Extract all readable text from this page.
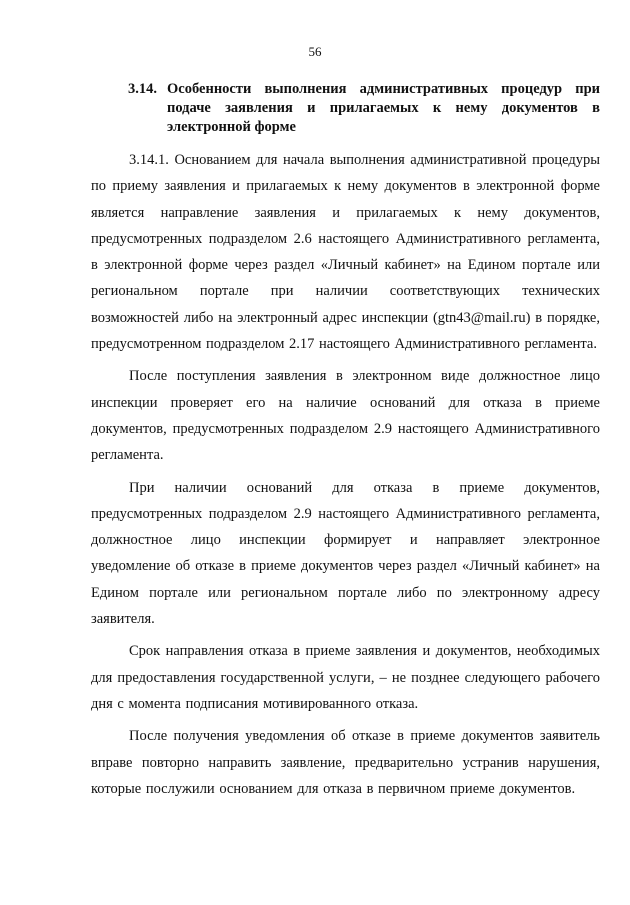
56
3.14. Особенности выполнения административных процедур при подаче заявления и прилагаемых к нему документов в электронной форме

3.14.1. Основанием для начала выполнения административной процедуры по приему заявления и прилагаемых к нему документов в электронной форме является направление заявления и прилагаемых к нему документов, предусмотренных подразделом 2.6 настоящего Административного регламента, в электронной форме через раздел «Личный кабинет» на Едином портале или региональном портале при наличии соответствующих технических возможностей либо на электронный адрес инспекции (gtn43@mail.ru) в порядке, предусмотренном подразделом 2.17 настоящего Административного регламента.

После поступления заявления в электронном виде должностное лицо инспекции проверяет его на наличие оснований для отказа в приеме документов, предусмотренных подразделом 2.9 настоящего Административного регламента.

При наличии оснований для отказа в приеме документов, предусмотренных подразделом 2.9 настоящего Административного регламента, должностное лицо инспекции формирует и направляет электронное уведомление об отказе в приеме документов через раздел «Личный кабинет» на Едином портале или региональном портале либо по электронному адресу заявителя.

Срок направления отказа в приеме заявления и документов, необходимых для предоставления государственной услуги, – не позднее следующего рабочего дня с момента подписания мотивированного отказа.

После получения уведомления об отказе в приеме документов заявитель вправе повторно направить заявление, предварительно устранив нарушения, которые послужили основанием для отказа в первичном приеме документов.
